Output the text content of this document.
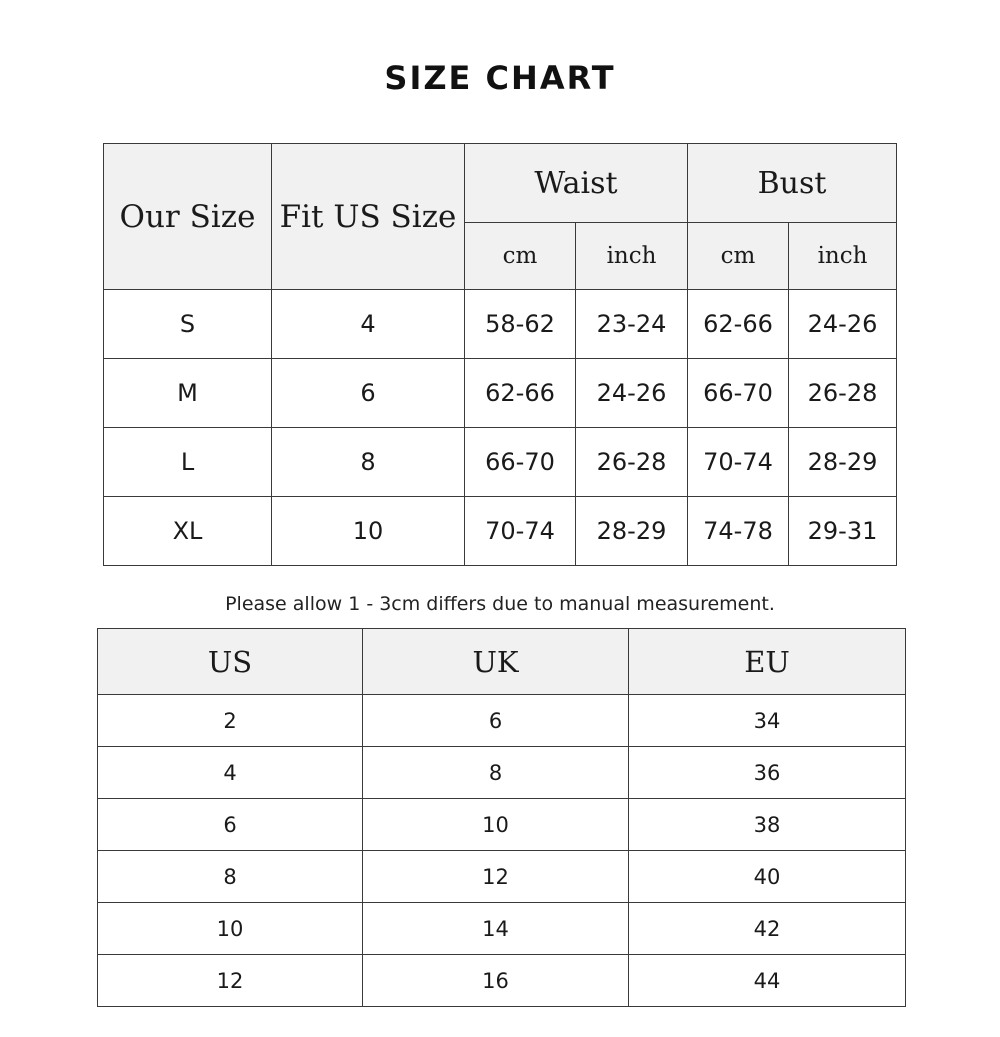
SIZE CHART
Our Size	Fit US Size	Waist		Bust	
		cm	inch	cm	inch
S	4	58-62	23-24	62-66	24-26
M	6	62-66	24-26	66-70	26-28
L	8	66-70	26-28	70-74	28-29
XL	10	70-74	28-29	74-78	29-31
Please allow 1 - 3cm differs due to manual measurement.
US	UK	EU
2	6	34
4	8	36
6	10	38
8	12	40
10	14	42
12	16	44
